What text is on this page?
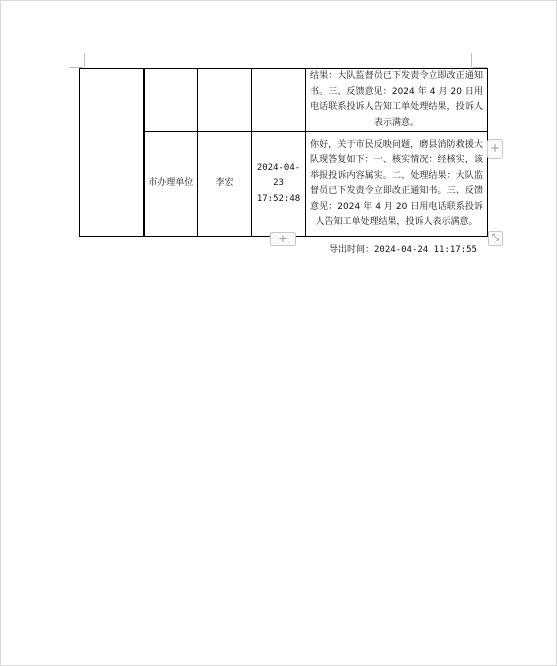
				结果：大队监督员已下发责令立即改正通知书。三、反馈意见：2024 年 4 月 20 日用电话联系投诉人告知工单处理结果，投诉人表示满意。
	市办理单位	李宏	2024-04-23 17:52:48	你好，关于市民反映问题，磨县消防救援大队现答复如下：一、核实情况：经核实，该举报投诉内容属实。二、处理结果：大队监督员已下发责令立即改正通知书。三、反馈意见：2024 年 4 月 20 日用电话联系投诉人告知工单处理结果，投诉人表示满意。
+
+	⤡
导出时间：2024-04-24 11:17:55
